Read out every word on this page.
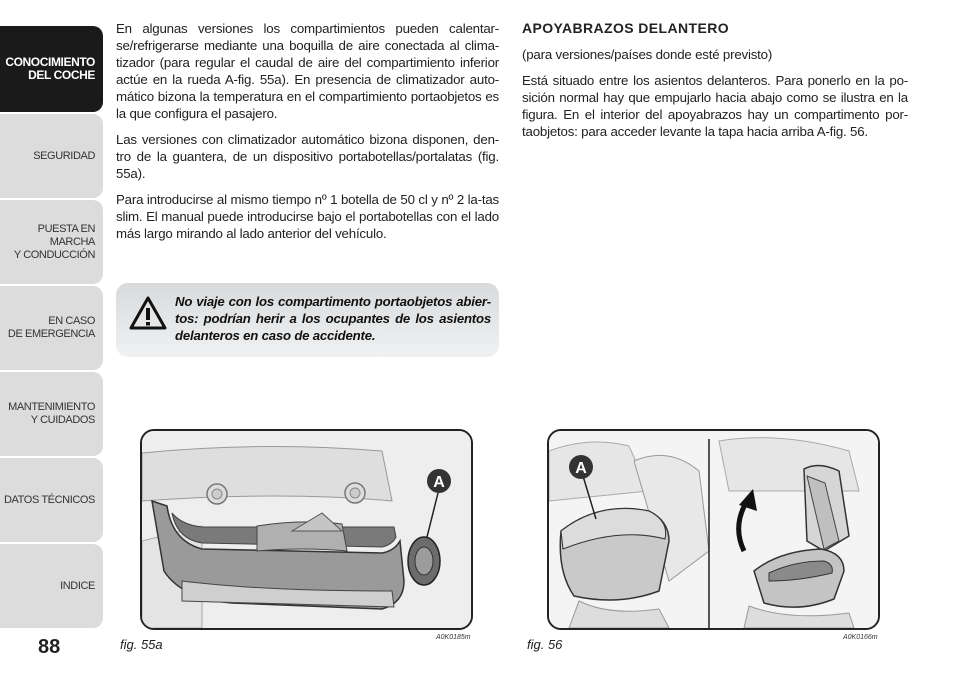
CONOCIMIENTO
DEL COCHE
SEGURIDAD
PUESTA EN MARCHA
Y CONDUCCIÓN
EN CASO
DE EMERGENCIA
MANTENIMIENTO
Y CUIDADOS
DATOS TÉCNICOS
INDICE
88

En algunas versiones los compartimientos pueden calentar-se/refrigerarse mediante una boquilla de aire conectada al clima-tizador (para regular el caudal de aire del compartimiento inferior actúe en la rueda A-fig. 55a). En presencia de climatizador auto-mático bizona la temperatura en el compartimiento portaobjetos es la que configura el pasajero.

Las versiones con climatizador automático bizona disponen, den-tro de la guantera, de un dispositivo portabotellas/portalatas (fig. 55a).

Para introducirse al mismo tiempo nº 1 botella de 50 cl y nº 2 la-tas slim. El manual puede introducirse bajo el portabotellas con el lado más largo mirando al lado anterior del vehículo.

No viaje con los compartimento portaobjetos abier-tos: podrían herir a los ocupantes de los asientos delanteros en caso de accidente.

APOYABRAZOS DELANTERO

(para versiones/países donde esté previsto)

Está situado entre los asientos delanteros. Para ponerlo en la po-sición normal hay que empujarlo hacia abajo como se ilustra en la figura. En el interior del apoyabrazos hay un compartimento por-taobjetos: para acceder levante la tapa hacia arriba A-fig. 56.

A
fig. 55a	A0K0185m
A
fig. 56	A0K0166m
